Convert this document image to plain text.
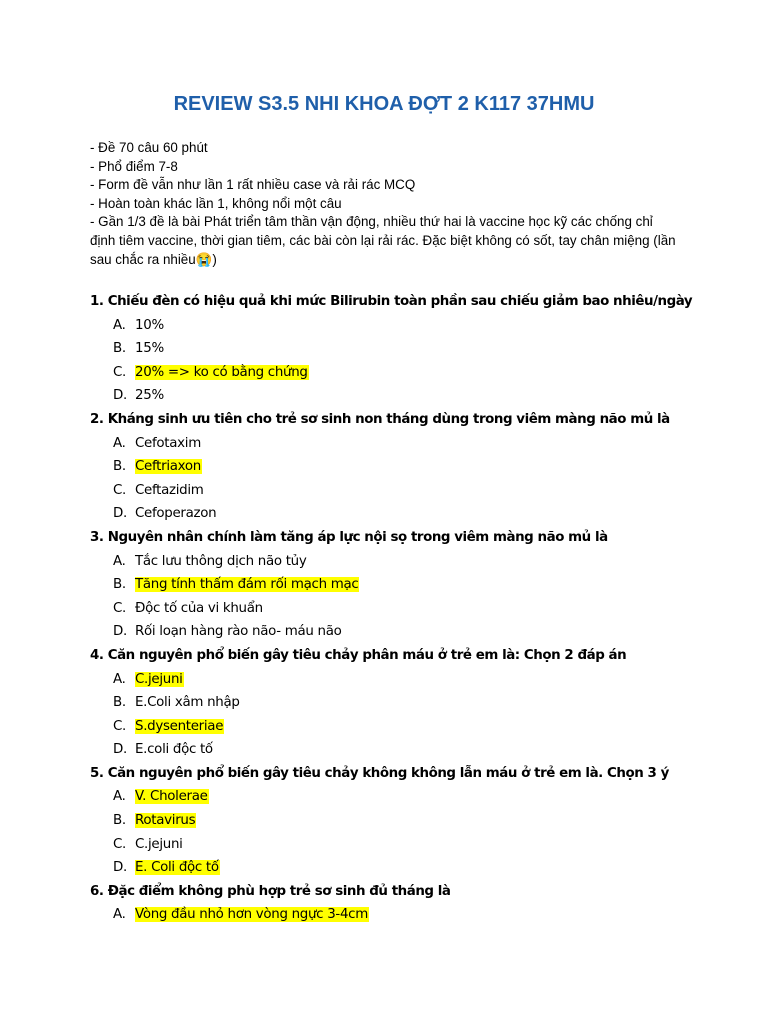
REVIEW S3.5 NHI KHOA ĐỢT 2 K117 37HMU
- Đề 70 câu 60 phút
- Phổ điểm 7-8
- Form đề vẫn như lần 1 rất nhiều case và rải rác MCQ
- Hoàn toàn khác lần 1, không nổi một câu
- Gần 1/3 đề là bài Phát triển tâm thần vận động, nhiều thứ hai là vaccine học kỹ các chống chỉ định tiêm vaccine, thời gian tiêm, các bài còn lại rải rác. Đặc biệt không có sốt, tay chân miệng (lần sau chắc ra nhiều😭)
1. Chiếu đèn có hiệu quả khi mức Bilirubin toàn phần sau chiếu giảm bao nhiêu/ngày
A. 10%
B. 15%
C. 20% => ko có bằng chứng
D. 25%
2. Kháng sinh ưu tiên cho trẻ sơ sinh non tháng dùng trong viêm màng não mủ là
A. Cefotaxim
B. Ceftriaxon
C. Ceftazidim
D. Cefoperazon
3. Nguyên nhân chính làm tăng áp lực nội sọ trong viêm màng não mủ là
A. Tắc lưu thông dịch não tủy
B. Tăng tính thấm đám rối mạch mạc
C. Độc tố của vi khuẩn
D. Rối loạn hàng rào não- máu não
4. Căn nguyên phổ biến gây tiêu chảy phân máu ở trẻ em là: Chọn 2 đáp án
A. C.jejuni
B. E.Coli xâm nhập
C. S.dysenteriae
D. E.coli độc tố
5. Căn nguyên phổ biến gây tiêu chảy không không lẫn máu ở trẻ em là. Chọn 3 ý
A. V. Cholerae
B. Rotavirus
C. C.jejuni
D. E. Coli độc tố
6. Đặc điểm không phù hợp trẻ sơ sinh đủ tháng là
A. Vòng đầu nhỏ hơn vòng ngực 3-4cm
